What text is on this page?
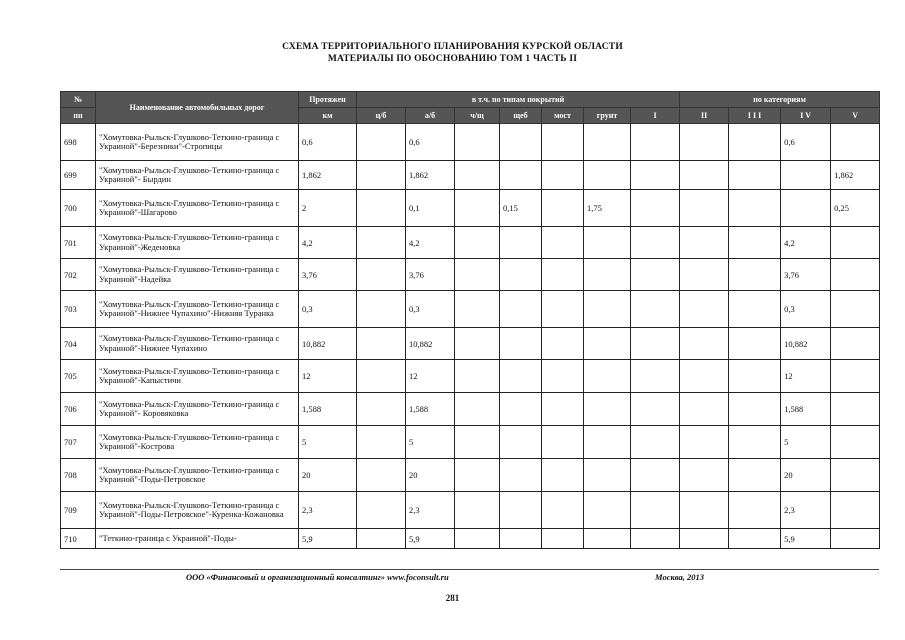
СХЕМА ТЕРРИТОРИАЛЬНОГО ПЛАНИРОВАНИЯ КУРСКОЙ ОБЛАСТИ
МАТЕРИАЛЫ ПО ОБОСНОВАНИЮ ТОМ 1 ЧАСТЬ II
№	Наименование автомобильных дорог	Протяжен	в т.ч. по типам покрытий							по категориям			
пп		км	ц/б	а/б	ч/щ	щеб	мост	грунт	I	II	I I I	I V	V
698	"Хомутовка-Рыльск-Глушково-Теткино-граница с Украиной"-Березники"-Стропицы	0,6		0,6								0,6	
699	"Хомутовка-Рыльск-Глушково-Теткино-граница с Украиной"- Бырдин	1,862		1,862									1,862
700	"Хомутовка-Рыльск-Глушково-Теткино-граница с Украиной"-Шагарово	2		0,1		0,15		1,75					0,25
701	"Хомутовка-Рыльск-Глушково-Теткино-граница с Украиной"-Жеденовка	4,2		4,2								4,2	
702	"Хомутовка-Рыльск-Глушково-Теткино-граница с Украиной"-Надейка	3,76		3,76								3,76	
703	"Хомутовка-Рыльск-Глушково-Теткино-граница с Украиной"-Нижнее Чупахино"-Нижняя Туранка	0,3		0,3								0,3	
704	"Хомутовка-Рыльск-Глушково-Теткино-граница с Украиной"-Нижнее Чупахино	10,882		10,882								10,882	
705	"Хомутовка-Рыльск-Глушково-Теткино-граница с Украиной"-Капыстичи	12		12								12	
706	"Хомутовка-Рыльск-Глушково-Теткино-граница с Украиной"- Коровяковка	1,588		1,588								1,588	
707	"Хомутовка-Рыльск-Глушково-Теткино-граница с Украиной"-Кострова	5		5								5	
708	"Хомутовка-Рыльск-Глушково-Теткино-граница с Украиной"-Поды-Петровское	20		20								20	
709	"Хомутовка-Рыльск-Глушково-Теткино-граница с Украиной"-Поды-Петровское"-Куренка-Кожановка	2,3		2,3								2,3	
710	"Теткино-граница с Украиной"-Поды-	5,9		5,9								5,9	
ООО «Финансовый и организационный консалтинг» www.foconsult.ru	Москва, 2013
281
